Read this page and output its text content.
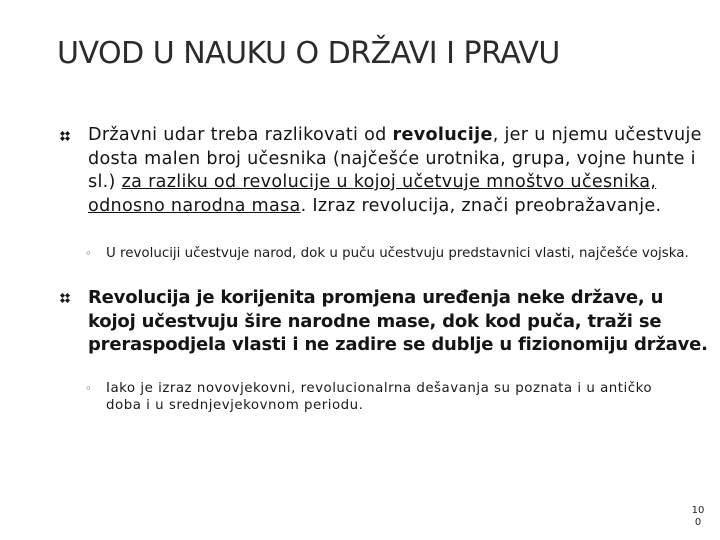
UVOD U NAUKU O DRŽAVI I PRAVU

Državni udar treba razlikovati od revolucije, jer u njemu učestvuje dosta malen broj učesnika (najčešće urotnika, grupa, vojne hunte i sl.) za razliku od revolucije u kojoj učetvuje mnoštvo učesnika, odnosno narodna masa. Izraz revolucija, znači preobražavanje.

◦ U revoluciji učestvuje narod, dok u puču učestvuju predstavnici vlasti, najčešće vojska.

Revolucija je korijenita promjena uređenja neke države, u kojoj učestvuju šire narodne mase, dok kod puča, traži se preraspodjela vlasti i ne zadire se dublje u fizionomiju države.

◦ Iako je izraz novovjekovni, revolucionalrna dešavanja su poznata i u antičko doba i u srednjevjekovnom periodu.

10
0
